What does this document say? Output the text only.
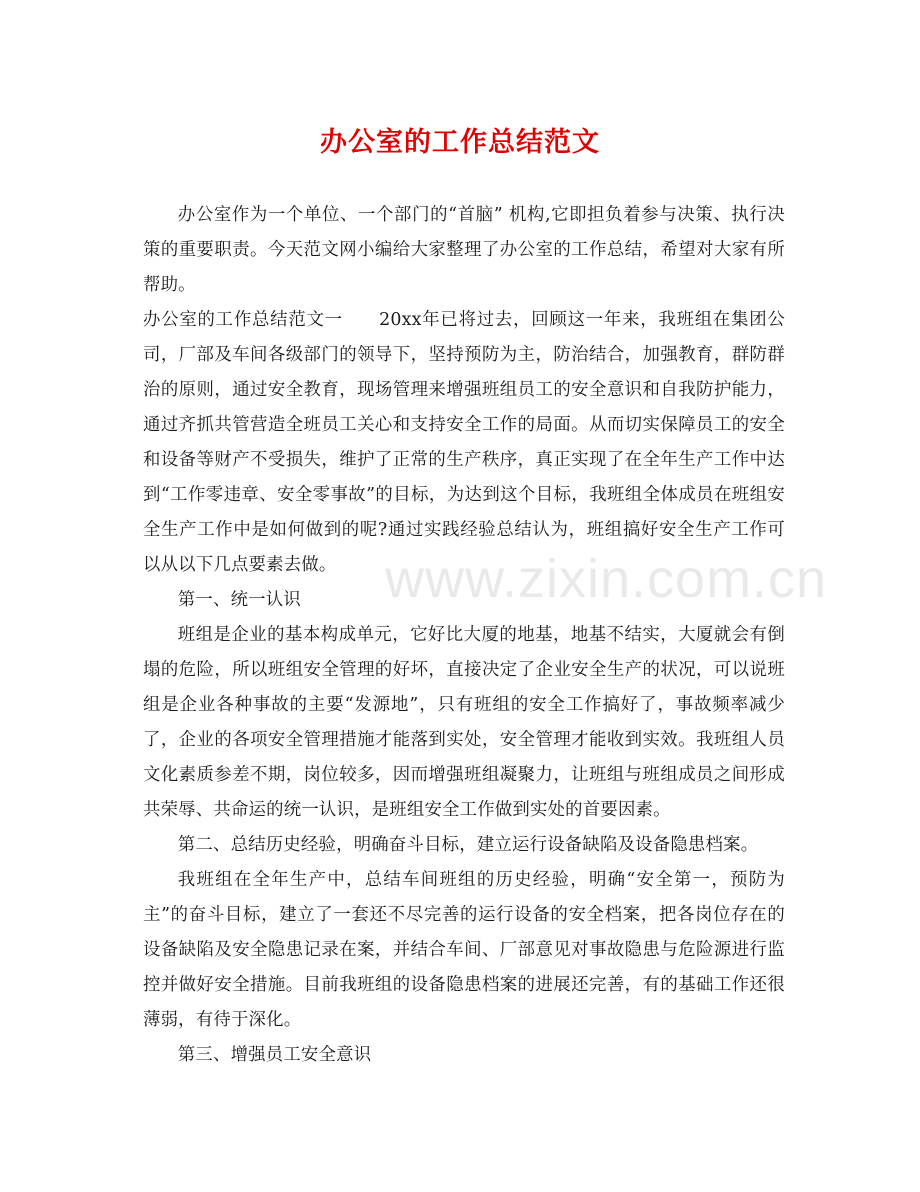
办公室的工作总结范文

办公室作为一个单位、一个部门的“首脑” 机构,它即担负着参与决策、执行决策的重要职责。今天范文网小编给大家整理了办公室的工作总结，希望对大家有所帮助。

办公室的工作总结范文一　　20xx年已将过去，回顾这一年来，我班组在集团公司，厂部及车间各级部门的领导下，坚持预防为主，防治结合，加强教育，群防群治的原则，通过安全教育，现场管理来增强班组员工的安全意识和自我防护能力，通过齐抓共管营造全班员工关心和支持安全工作的局面。从而切实保障员工的安全和设备等财产不受损失，维护了正常的生产秩序，真正实现了在全年生产工作中达到“工作零违章、安全零事故”的目标，为达到这个目标，我班组全体成员在班组安全生产工作中是如何做到的呢?通过实践经验总结认为，班组搞好安全生产工作可以从以下几点要素去做。

第一、统一认识

班组是企业的基本构成单元，它好比大厦的地基，地基不结实，大厦就会有倒塌的危险，所以班组安全管理的好坏，直接决定了企业安全生产的状况，可以说班组是企业各种事故的主要“发源地”，只有班组的安全工作搞好了，事故频率减少了，企业的各项安全管理措施才能落到实处，安全管理才能收到实效。我班组人员文化素质参差不期，岗位较多，因而增强班组凝聚力，让班组与班组成员之间形成共荣辱、共命运的统一认识，是班组安全工作做到实处的首要因素。

第二、总结历史经验，明确奋斗目标，建立运行设备缺陷及设备隐患档案。

我班组在全年生产中，总结车间班组的历史经验，明确“安全第一，预防为主”的奋斗目标，建立了一套还不尽完善的运行设备的安全档案，把各岗位存在的设备缺陷及安全隐患记录在案，并结合车间、厂部意见对事故隐患与危险源进行监控并做好安全措施。目前我班组的设备隐患档案的进展还完善，有的基础工作还很薄弱，有待于深化。

第三、增强员工安全意识

www.zixin.com.cn
